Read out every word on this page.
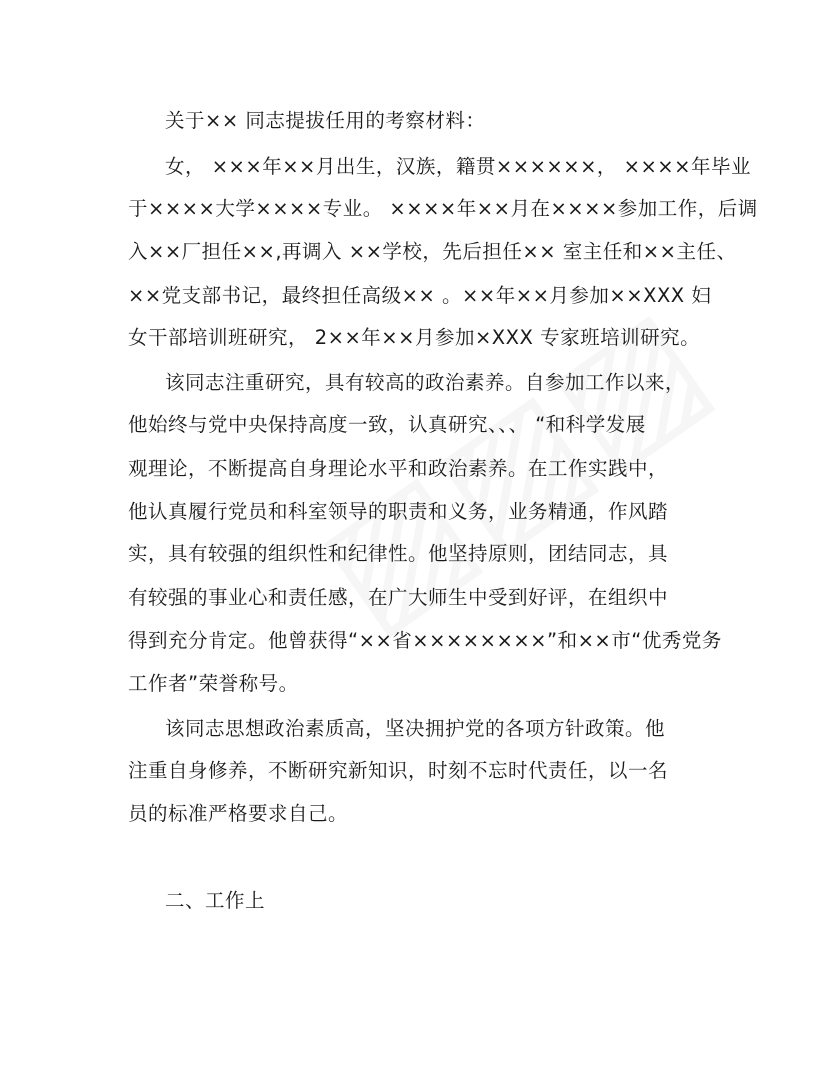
关于×× 同志提拔任用的考察材料：

女， ×××年××月出生，汉族，籍贯××××××， ××××年毕业

于××××大学××××专业。 ××××年××月在××××参加工作，后调

入××厂担任××,再调入 ××学校，先后担任×× 室主任和××主任、

××党支部书记，最终担任高级×× 。××年××月参加××XXX 妇

女干部培训班研究， 2××年××月参加×XXX 专家班培训研究。

该同志注重研究，具有较高的政治素养。自参加工作以来，

他始终与党中央保持高度一致，认真研究、、、 “和科学发展

观理论，不断提高自身理论水平和政治素养。在工作实践中，

他认真履行党员和科室领导的职责和义务，业务精通，作风踏

实，具有较强的组织性和纪律性。他坚持原则，团结同志，具

有较强的事业心和责任感，在广大师生中受到好评，在组织中

得到充分肯定。他曾获得“××省××××××××”和××市“优秀党务

工作者”荣誉称号。

该同志思想政治素质高，坚决拥护党的各项方针政策。他

注重自身修养，不断研究新知识，时刻不忘时代责任，以一名

员的标准严格要求自己。

二、工作上
